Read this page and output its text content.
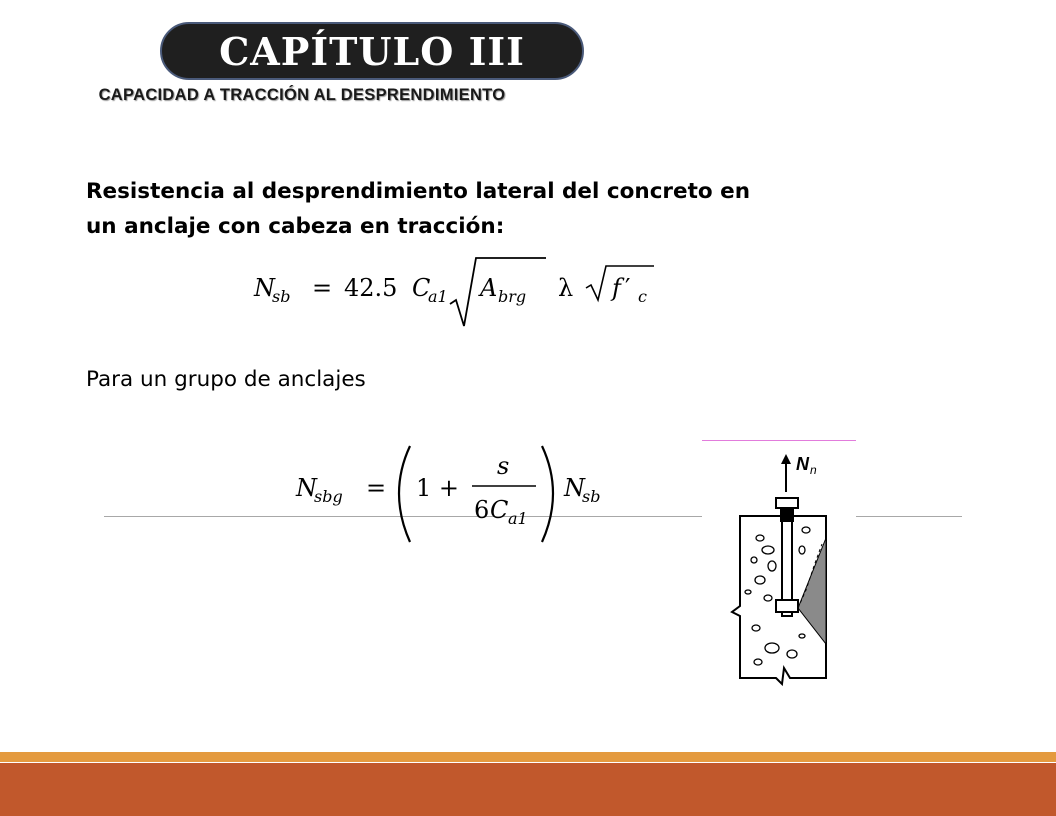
CAPÍTULO III
CAPACIDAD A TRACCIÓN AL DESPRENDIMIENTO
Resistencia al desprendimiento lateral del concreto en
un anclaje con cabeza en tracción:
N
sb = 42.5 C
a1 A brg λ f ′ c
Para un grupo de anclajes
N
sbg = 1 +
s
6 C a1
N
sb
N n
